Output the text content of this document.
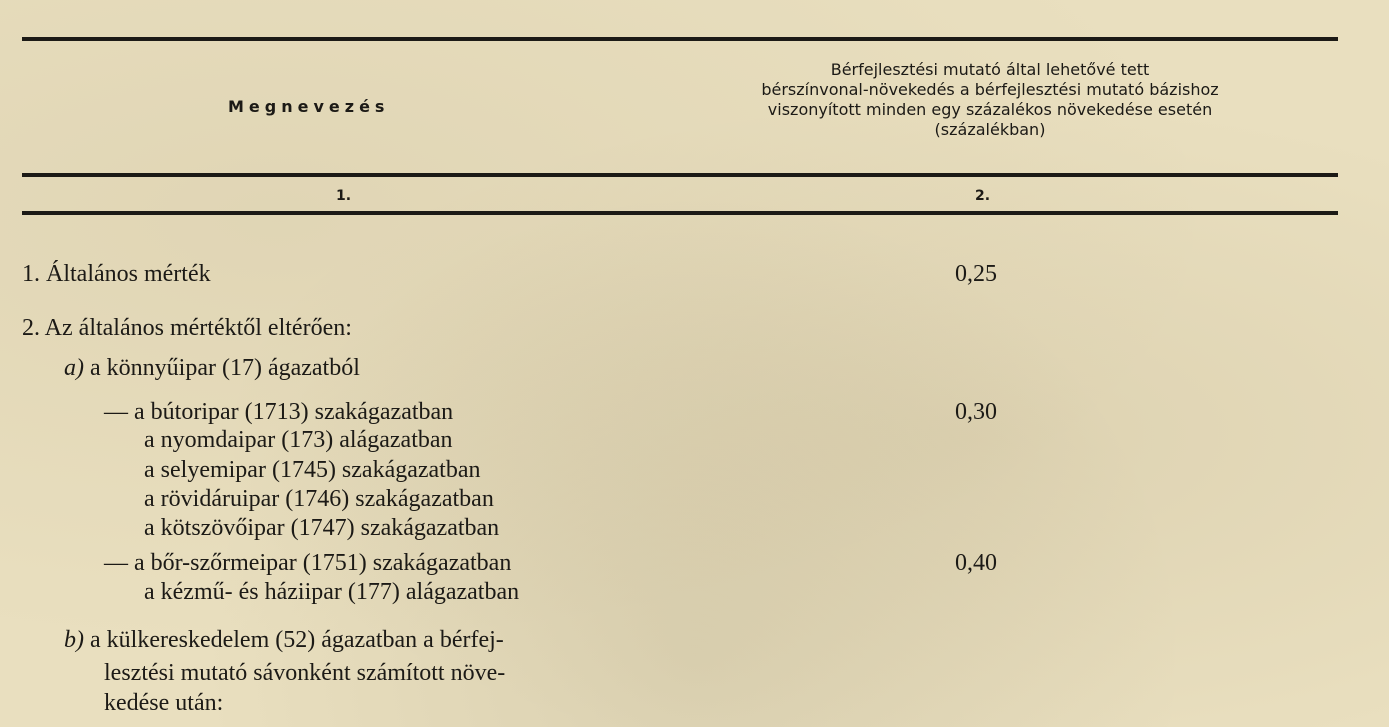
Megnevezés
Bérfejlesztési mutató által lehetővé tett
bérszínvonal-növekedés a bérfejlesztési mutató bázishoz
viszonyított minden egy százalékos növekedése esetén
(százalékban)
1.	2.
1. Általános mérték	0,25
2. Az általános mértéktől eltérően:
a) a könnyűipar (17) ágazatból
— a bútoripar (1713) szakágazatban
a nyomdaipar (173) alágazatban
a selyemipar (1745) szakágazatban
a rövidáruipar (1746) szakágazatban
a kötszövőipar (1747) szakágazatban
0,30
— a bőr-szőrmeipar (1751) szakágazatban
a kézmű- és háziipar (177) alágazatban
0,40
b) a külkereskedelem (52) ágazatban a bérfej-
lesztési mutató sávonként számított növe-
kedése után:
